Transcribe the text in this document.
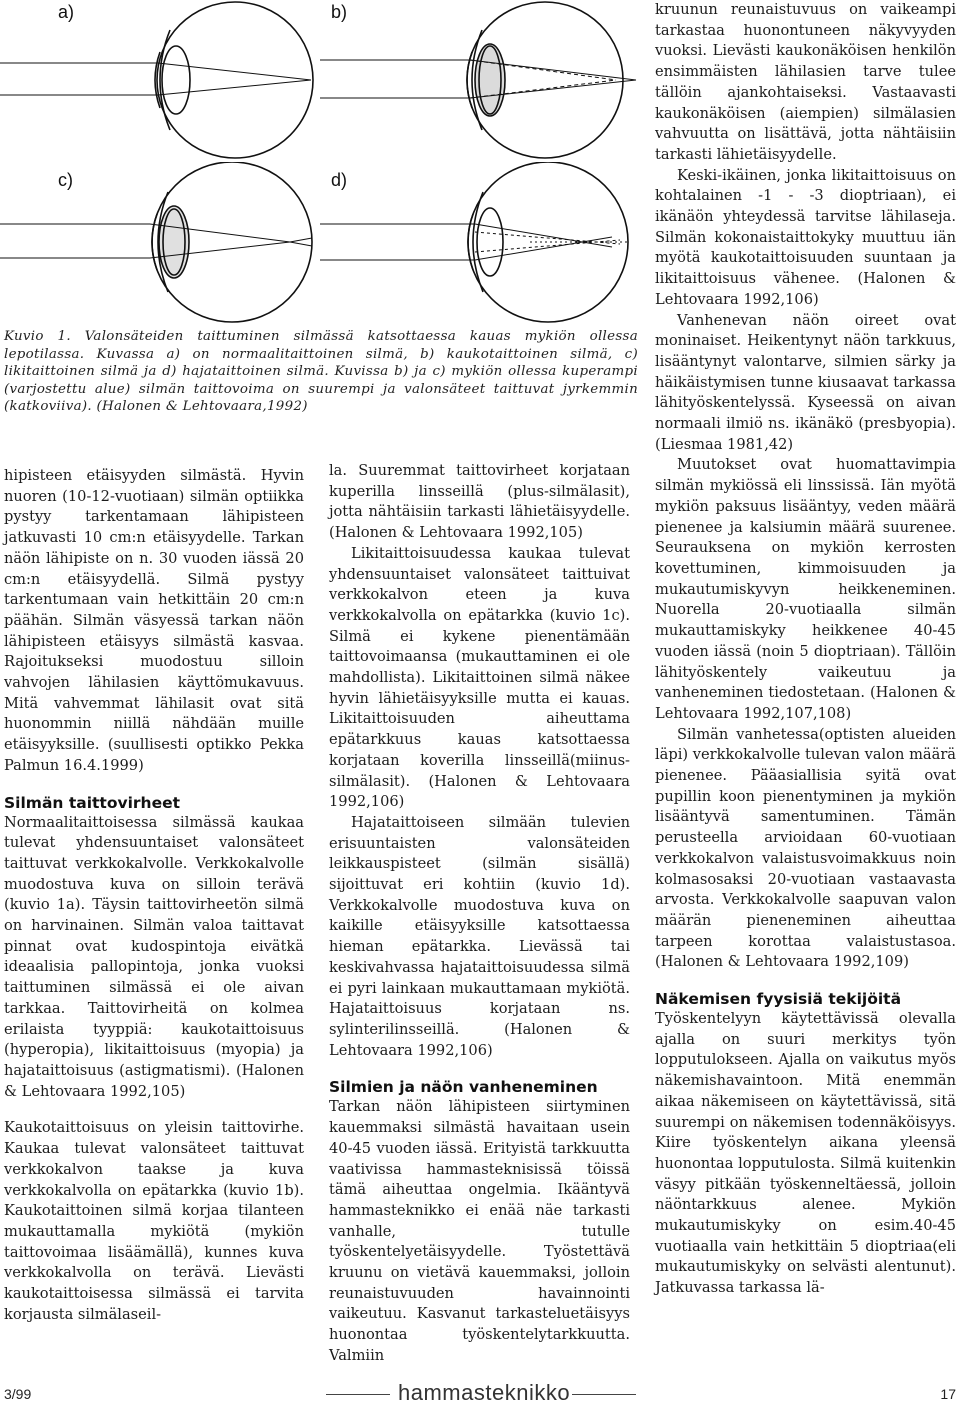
a)	b)
c)	d)
Kuvio 1. Valonsäteiden taittuminen silmässä katsottaessa kauas mykiön ollessa lepotilassa. Kuvassa a) on normaalitaittoinen silmä, b) kaukotaittoinen silmä, c) likitaittoinen silmä ja d) hajataittoinen silmä. Kuvissa b) ja c) mykiön ollessa kuperampi (varjostettu alue) silmän taittovoima on suurempi ja valonsäteet taittuvat jyrkemmin (katkoviiva). (Halonen & Lehtovaara,1992)

hipisteen etäisyyden silmästä. Hyvin nuoren (10-12-vuotiaan) silmän optiikka pystyy tarkentamaan lähipisteen jatkuvasti 10 cm:n etäisyydelle. Tarkan näön lähipiste on n. 30 vuoden iässä 20 cm:n etäisyydellä. Silmä pystyy tarkentumaan vain hetkittäin 20 cm:n päähän. Silmän väsyessä tarkan näön lähipisteen etäisyys silmästä kasvaa. Rajoitukseksi muodostuu silloin vahvojen lähilasien käyttömukavuus. Mitä vahvemmat lähilasit ovat sitä huonommin niillä nähdään muille etäisyyksille. (suullisesti optikko Pekka Palmun 16.4.1999)

Silmän taittovirheet

Normaalitaittoisessa silmässä kaukaa tulevat yhdensuuntaiset valonsäteet taittuvat verkkokalvolle. Verkkokalvolle muodostuva kuva on silloin terävä (kuvio 1a). Täysin taittovirheetön silmä on harvinainen. Silmän valoa taittavat pinnat ovat kudospintoja eivätkä ideaalisia pallopintoja, jonka vuoksi taittuminen silmässä ei ole aivan tarkkaa. Taittovirheitä on kolmea erilaista tyyppiä: kaukotaittoisuus (hyperopia), likitaittoisuus (myopia) ja hajataittoisuus (astigmatismi). (Halonen & Lehtovaara 1992,105)

Kaukotaittoisuus on yleisin taittovirhe. Kaukaa tulevat valonsäteet taittuvat verkkokalvon taakse ja kuva verkkokalvolla on epätarkka (kuvio 1b). Kaukotaittoinen silmä korjaa tilanteen mukauttamalla mykiötä (mykiön taittovoimaa lisäämällä), kunnes kuva verkkokalvolla on terävä. Lievästi kaukotaittoisessa silmässä ei tarvita korjausta silmälaseil-

la. Suuremmat taittovirheet korjataan kuperilla linsseillä (plus-silmälasit), jotta nähtäisiin tarkasti lähietäisyydelle. (Halonen & Lehtovaara 1992,105)

Likitaittoisuudessa kaukaa tulevat yhdensuuntaiset valonsäteet taittuivat verkkokalvon eteen ja kuva verkkokalvolla on epätarkka (kuvio 1c). Silmä ei kykene pienentämään taittovoimaansa (mukauttaminen ei ole mahdollista). Likitaittoinen silmä näkee hyvin lähietäisyyksille mutta ei kauas. Likitaittoisuuden aiheuttama epätarkkuus kauas katsottaessa korjataan koverilla linsseillä(miinus-silmälasit). (Halonen & Lehtovaara 1992,106)

Hajataittoiseen silmään tulevien erisuuntaisten valonsäteiden leikkauspisteet (silmän sisällä) sijoittuvat eri kohtiin (kuvio 1d). Verkkokalvolle muodostuva kuva on kaikille etäisyyksille katsottaessa hieman epätarkka. Lievässä tai keskivahvassa hajataittoisuudessa silmä ei pyri lainkaan mukauttamaan mykiötä. Hajataittoisuus korjataan ns. sylinterilinsseillä. (Halonen & Lehtovaara 1992,106)

Silmien ja näön vanheneminen

Tarkan näön lähipisteen siirtyminen kauemmaksi silmästä havaitaan usein 40-45 vuoden iässä. Erityistä tarkkuutta vaativissa hammasteknisissä töissä tämä aiheuttaa ongelmia. Ikääntyvä hammasteknikko ei enää näe tarkasti vanhalle, tutulle työskentelyetäisyydelle. Työstettävä kruunu on vietävä kauemmaksi, jolloin reunaistuvuuden havainnointi vaikeutuu. Kasvanut tarkasteluetäisyys huonontaa työskentelytarkkuutta. Valmiin

kruunun reunaistuvuus on vaikeampi tarkastaa huonontuneen näkyvyyden vuoksi. Lievästi kaukonäköisen henkilön ensimmäisten lähilasien tarve tulee tällöin ajankohtaiseksi. Vastaavasti kaukonäköisen (aiempien) silmälasien vahvuutta on lisättävä, jotta nähtäisiin tarkasti lähietäisyydelle.

Keski-ikäinen, jonka likitaittoisuus on kohtalainen -1 - -3 dioptriaan), ei ikänäön yhteydessä tarvitse lähilaseja. Silmän kokonaistaittokyky muuttuu iän myötä kaukotaittoisuuden suuntaan ja likitaittoisuus vähenee. (Halonen & Lehtovaara 1992,106)

Vanhenevan näön oireet ovat moninaiset. Heikentynyt näön tarkkuus, lisääntynyt valontarve, silmien särky ja häikäistymisen tunne kiusaavat tarkassa lähityöskentelyssä. Kyseessä on aivan normaali ilmiö ns. ikänäkö (presbyopia). (Liesmaa 1981,42)

Muutokset ovat huomattavimpia silmän mykiössä eli linssissä. Iän myötä mykiön paksuus lisääntyy, veden määrä pienenee ja kalsiumin määrä suurenee. Seurauksena on mykiön kerrosten kovettuminen, kimmoisuuden ja mukautumiskyvyn heikkeneminen. Nuorella 20-vuotiaalla silmän mukauttamiskyky heikkenee 40-45 vuoden iässä (noin 5 dioptriaan). Tällöin lähityöskentely vaikeutuu ja vanheneminen tiedostetaan. (Halonen & Lehtovaara 1992,107,108)

Silmän vanhetessa(optisten alueiden läpi) verkkokalvolle tulevan valon määrä pienenee. Pääasiallisia syitä ovat pupillin koon pienentyminen ja mykiön lisääntyvä samentuminen. Tämän perusteella arvioidaan 60-vuotiaan verkkokalvon valaistusvoimakkuus noin kolmasosaksi 20-vuotiaan vastaavasta arvosta. Verkkokalvolle saapuvan valon määrän pieneneminen aiheuttaa tarpeen korottaa valaistustasoa. (Halonen & Lehtovaara 1992,109)

Näkemisen fyysisiä tekijöitä

Työskentelyyn käytettävissä olevalla ajalla on suuri merkitys työn lopputulokseen. Ajalla on vaikutus myös näkemishavaintoon. Mitä enemmän aikaa näkemiseen on käytettävissä, sitä suurempi on näkemisen todennäköisyys. Kiire työskentelyn aikana yleensä huonontaa lopputulosta. Silmä kuitenkin väsyy pitkään työskenneltäessä, jolloin näöntarkkuus alenee. Mykiön mukautumiskyky on esim.40-45 vuotiaalla vain hetkittäin 5 dioptriaa(eli mukautumiskyky on selvästi alentunut). Jatkuvassa tarkassa lä-

3/99	hammasteknikko	17
